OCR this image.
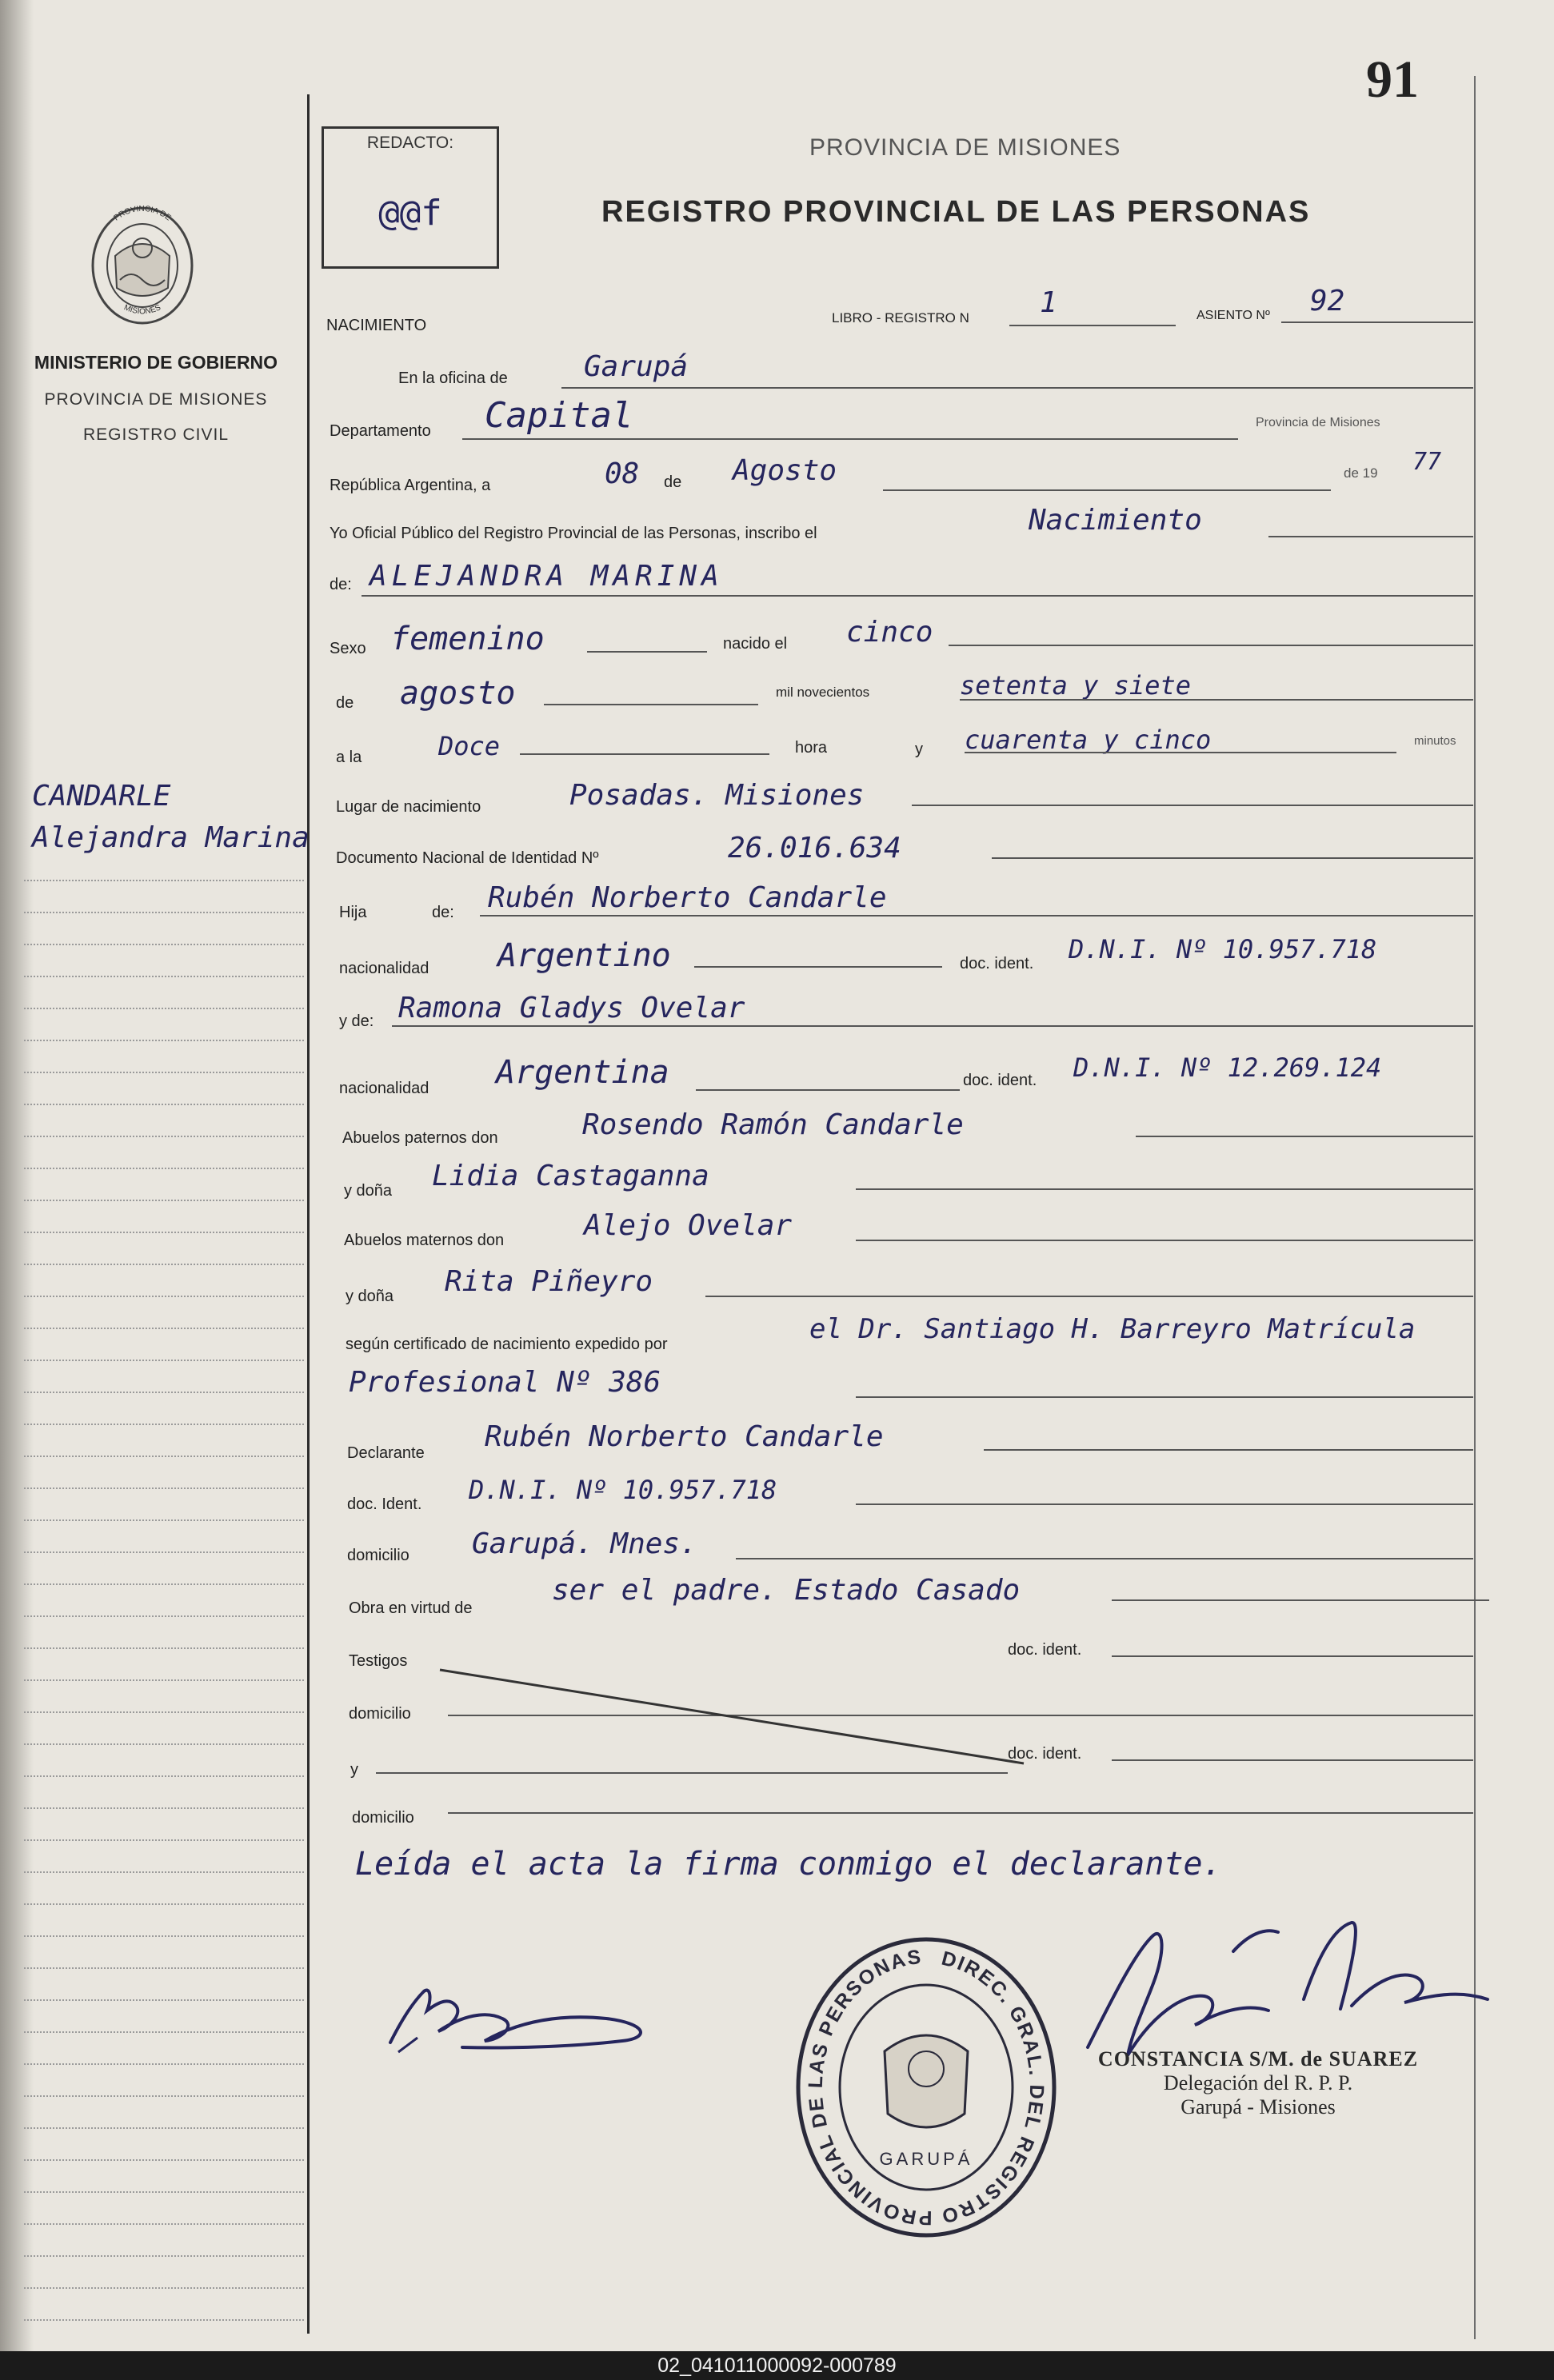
91
REDACTO:
@@f
PROVINCIA DE MISIONES
REGISTRO PROVINCIAL DE LAS PERSONAS
PROVINCIA DE
MISIONES
MINISTERIO DE GOBIERNO
PROVINCIA DE MISIONES
REGISTRO CIVIL
CANDARLE
Alejandra Marina
NACIMIENTO	LIBRO - REGISTRO N 1	ASIENTO Nº 92
En la oficina de	Garupá
Departamento Capital	Provincia de Misiones
República Argentina, a	08 de Agosto	de 19 77
Yo Oficial Público del Registro Provincial de las Personas, inscribo el	Nacimiento
de: ALEJANDRA MARINA
Sexo femenino	nacido el cinco
de agosto	mil novecientos	setenta y siete
a la	Doce	hora	y cuarenta y cinco	minutos
Lugar de nacimiento	Posadas. Misiones
Documento Nacional de Identidad Nº	26.016.634
Hija	de: Rubén Norberto Candarle
nacionalidad Argentino	doc. ident. D.N.I. Nº 10.957.718
y de: Ramona Gladys Ovelar
nacionalidad Argentina	doc. ident. D.N.I. Nº 12.269.124
Abuelos paternos don	Rosendo Ramón Candarle
y doña Lidia Castaganna
Abuelos maternos don	Alejo Ovelar
y doña Rita Piñeyro
según certificado de nacimiento expedido por	el Dr. Santiago H. Barreyro Matrícula
Profesional Nº 386
Declarante Rubén Norberto Candarle
doc. Ident. D.N.I. Nº 10.957.718
domicilio Garupá. Mnes.
Obra en virtud de
ser el padre. Estado Casado
Testigos
doc. ident.
domicilio
y
doc. ident.
domicilio
Leída el acta la firma conmigo el declarante.
DIREC. GRAL. DEL REGISTRO PROVINCIAL DE LAS PERSONAS
GARUPÁ
CONSTANCIA S/M. de SUAREZ
Delegación del R. P. P.
Garupá - Misiones
02_041011000092-000789
